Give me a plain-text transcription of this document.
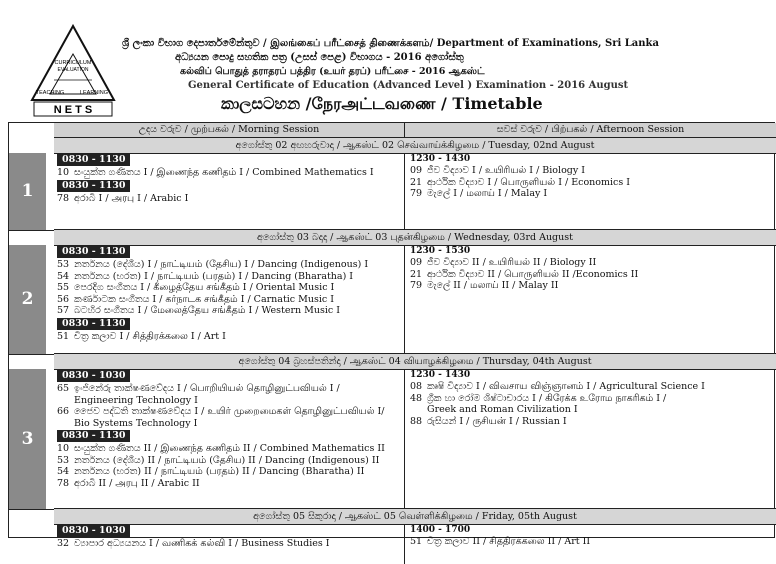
CURRICULUM
EVALUATION
TEACHING	LEARNING
N E T S
ශ්‍රී ලංකා විභාග දෙපාර්තමේන්තුව / இலங்கைப் பரீட்சைத் திணைக்களம்/ Department of Examinations, Sri Lanka
අධ්‍යයන පොදු සහතික පත්‍ර (උසස් පෙළ) විභාගය - 2016 අගෝස්තු
கல்விப் பொதுத் தராதரப் பத்திர (உயர் தரப்) பரீட்சை - 2016 ஆகஸ்ட்
General Certificate of Education (Advanced Level ) Examination - 2016 August
කාලසටහන /நேரஅட்டவணை / Timetable
උදය වරුව / முற்பகல் / Morning Session	සවස් වරුව / பிற்பகல் / Afternoon Session
අගෝස්තු 02 අඟහරුවාදා / ஆகஸ்ட் 02 செவ்வாய்க்கிழமை / Tuesday, 02nd August
1
0830 - 1130
10 සංයුක්ත ගණිතය I / இணைந்த கணிதம் I / Combined Mathematics I
0830 - 1130
78 අරාබි I / அரபு I / Arabic I
1230 - 1430
09 ජීව විද්‍යාව I / உயிரியல் I / Biology I
21 ආර්ථික විද්‍යාව I / பொருளியல் I / Economics I
79 මැලේ I / மலாய் I / Malay I
අගෝස්තු 03 බදාදා / ஆகஸ்ட் 03 புதன்கிழமை / Wednesday, 03rd August
2
0830 - 1130
53 නර්තනය (දේශීය) I / நாட்டியம் (தேசிய) I / Dancing (Indigenous) I
54 නර්තනය (භරත) I / நாட்டியம் (பரதம்) I / Dancing (Bharatha) I
55 පෙරදිග සංගීතය I / கீழைத்தேய சங்கீதம் I / Oriental Music I
56 කර්ණාටක සංගීතය I / கர்நாடக சங்கீதம் I / Carnatic Music I
57 බටහිර සංගීතය I / மேலைத்தேய சங்கீதம் I / Western Music I
0830 - 1130
51 චිත්‍ර කලාව I / சித்திரக்கலை I / Art I
1230 - 1530
09 ජීව විද්‍යාව II / உயிரியல் II / Biology II
21 ආර්ථික විද්‍යාව II / பொருளியல் II /Economics II
79 මැලේ II / மலாய் II / Malay II
අගෝස්තු 04 බ්‍රහස්පතින්දා / ஆகஸ்ட் 04 வியாழக்கிழமை / Thursday, 04th August
3
0830 - 1030
65 ඉංජිනේරු තාක්ෂණවේදය I / பொறியியல் தொழினுட்பவியல் I /
Engineering Technology I
66 ජෛව පද්ධති තාක්ෂණවේදය I / உயிர் முறைமைகள் தொழினுட்பவியல் I/
Bio Systems Technology I
0830 - 1130
10 සංයුක්ත ගණිතය II / இணைந்த கணிதம் II / Combined Mathematics II
53 නර්තනය (දේශීය) II / நாட்டியம் (தேசிய) II / Dancing (Indigenous) II
54 නර්තනය (භරත) II / நாட்டியம் (பரதம்) II / Dancing (Bharatha) II
78 අරාබි II / அரபு II / Arabic II
1230 - 1430
08 කෘෂි විද්‍යාව I / விவசாய விஞ்ஞானம் I / Agricultural Science I
48 ග්‍රීක හා රෝම ශිෂ්ටාචාරය I / கிரேக்க உரோம நாகரிகம் I /
Greek and Roman Civilization I
88 රුසියන් I / ருசியன் I / Russian I
අගෝස්තු 05 සිකුරාදා / ஆகஸ்ட் 05 வெள்ளிக்கிழமை / Friday, 05th August
0830 - 1030
32 ව්‍යාපාර අධ්‍යයනය I / வணிகக் கல்வி I / Business Studies I
1400 - 1700
51 චිත්‍ර කලාව II / சித்திரக்கலை II / Art II
